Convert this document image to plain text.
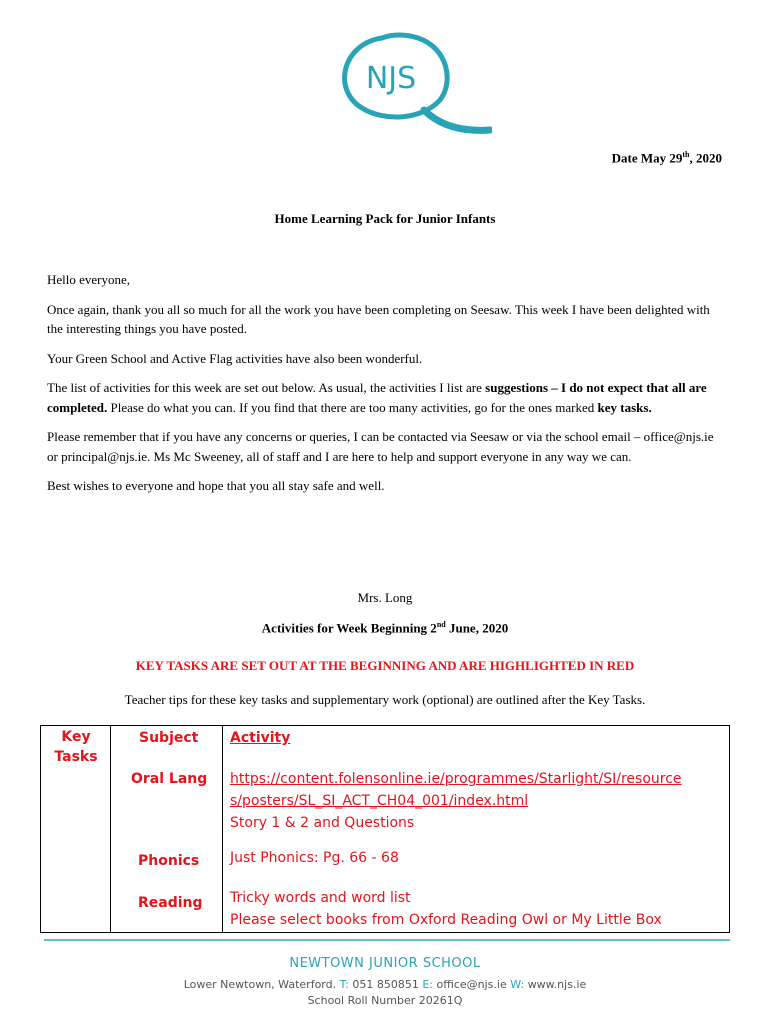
NJS
Date May 29th, 2020
Home Learning Pack for Junior Infants

Hello everyone,

Once again, thank you all so much for all the work you have been completing on Seesaw. This week I have been delighted with the interesting things you have posted.

Your Green School and Active Flag activities have also been wonderful.

The list of activities for this week are set out below. As usual, the activities I list are suggestions – I do not expect that all are completed. Please do what you can. If you find that there are too many activities, go for the ones marked key tasks.

Please remember that if you have any concerns or queries, I can be contacted via Seesaw or via the school email – office@njs.ie or principal@njs.ie. Ms Mc Sweeney, all of staff and I are here to help and support everyone in any way we can.

Best wishes to everyone and hope that you all stay safe and well.

Mrs. Long
Activities for Week Beginning 2nd June, 2020
KEY TASKS ARE SET OUT AT THE BEGINNING AND ARE HIGHLIGHTED IN RED
Teacher tips for these key tasks and supplementary work (optional) are outlined after the Key Tasks.
Key Tasks
Subject Activity
Oral Lang https://content.folensonline.ie/programmes/Starlight/SI/resource
s/posters/SL_SI_ACT_CH04_001/index.html
Story 1 & 2 and Questions
Phonics Just Phonics: Pg. 66 - 68
Reading Tricky words and word list
Please select books from Oxford Reading Owl or My Little Box
NEWTOWN JUNIOR SCHOOL
Lower Newtown, Waterford. T: 051 850851 E: office@njs.ie W: www.njs.ie
School Roll Number 20261Q
